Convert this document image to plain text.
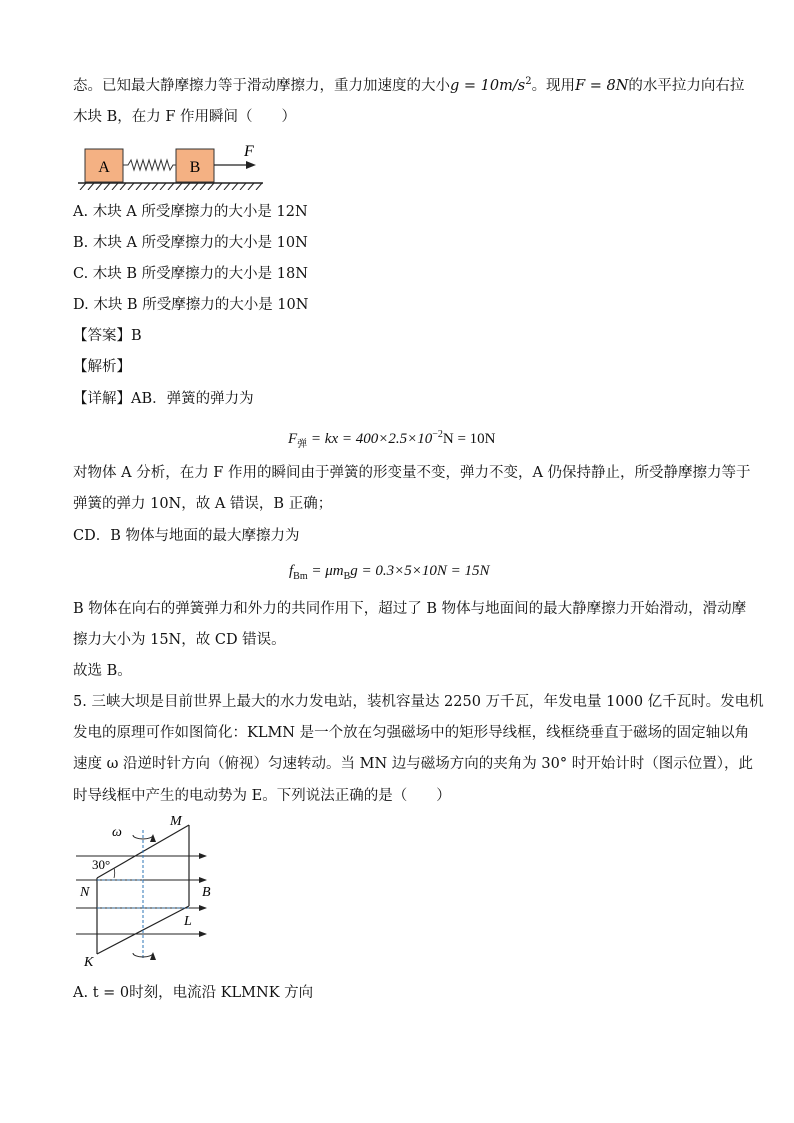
态。已知最大静摩擦力等于滑动摩擦力，重力加速度的大小$g = 10m/s^2$。现用F = 8N的水平拉力向右拉
木块 B，在力 F 作用瞬间（　　）
A	B
F
A. 木块 A 所受摩擦力的大小是 12N
B. 木块 A 所受摩擦力的大小是 10N
C. 木块 B 所受摩擦力的大小是 18N
D. 木块 B 所受摩擦力的大小是 10N
【答案】B
【解析】
【详解】AB．弹簧的弹力为
$F_弹$ = kx = $400\times 2.5\times 10^{-2}N = 10N$
对物体 A 分析，在力 F 作用的瞬间由于弹簧的形变量不变，弹力不变，A 仍保持静止，所受静摩擦力等于
弹簧的弹力 10N，故 A 错误，B 正确；
CD．B 物体与地面的最大摩擦力为
$f_{Bm} = \mu m_Bg = 0.3\times 5\times 10N = 15N$
B 物体在向右的弹簧弹力和外力的共同作用下，超过了 B 物体与地面间的最大静摩擦力开始滑动，滑动摩
擦力大小为 15N，故 CD 错误。
故选 B。
5. 三峡大坝是目前世界上最大的水力发电站，装机容量达 2250 万千瓦，年发电量 1000 亿千瓦时。发电机
发电的原理可作如图简化：KLMN 是一个放在匀强磁场中的矩形导线框，线框绕垂直于磁场的固定轴以角
速度 ω 沿逆时针方向（俯视）匀速转动。当 MN 边与磁场方向的夹角为 30° 时开始计时（图示位置），此
时导线框中产生的电动势为 E。下列说法正确的是（　　）
ω
30°
M
N	B
L
K
A. t = 0时刻，电流沿 KLMNK 方向
